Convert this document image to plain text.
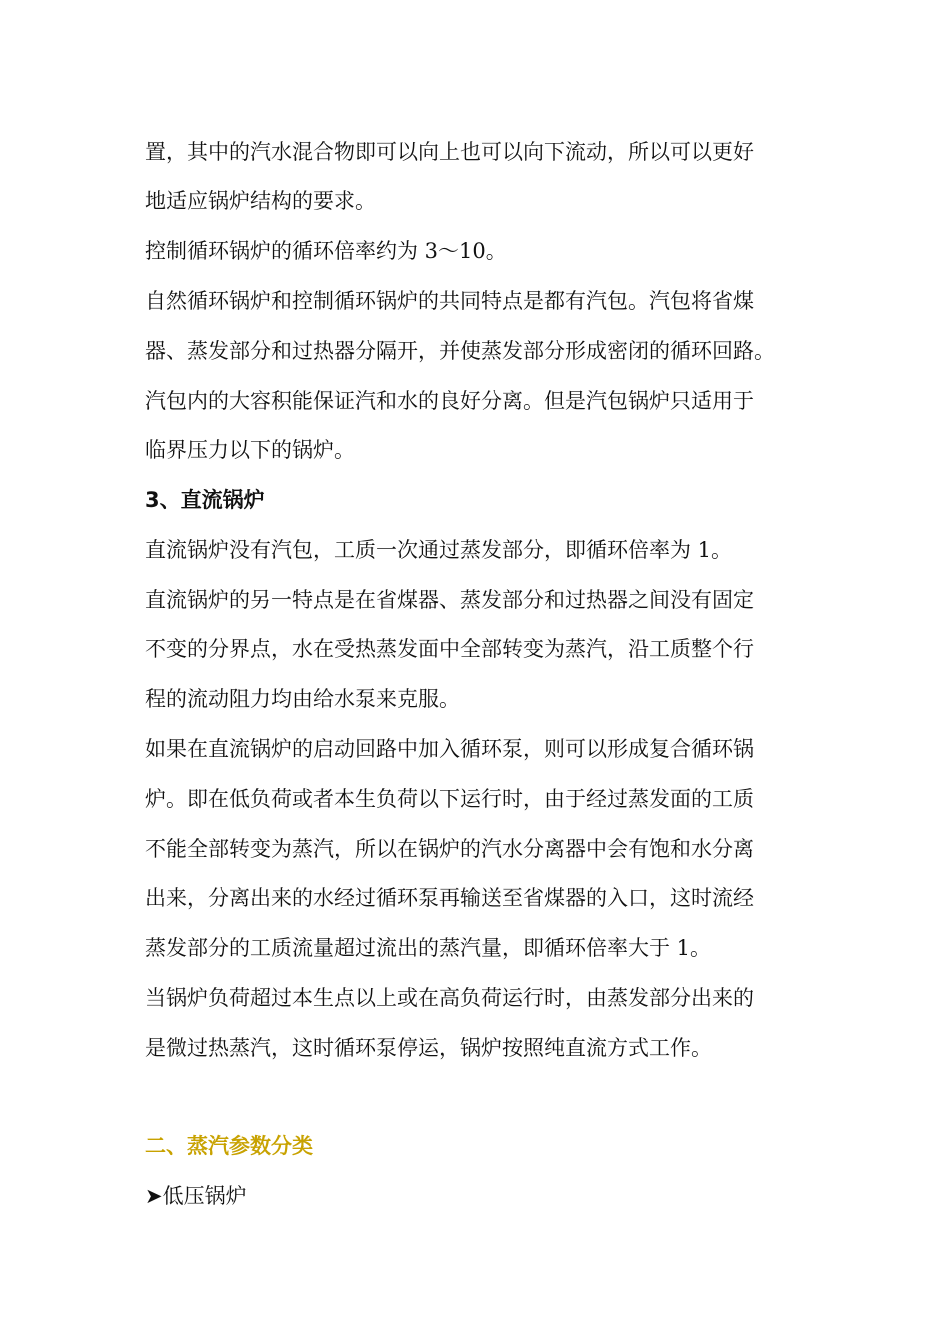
置，其中的汽水混合物即可以向上也可以向下流动，所以可以更好
地适应锅炉结构的要求。
控制循环锅炉的循环倍率约为 3～10。
自然循环锅炉和控制循环锅炉的共同特点是都有汽包。汽包将省煤
器、蒸发部分和过热器分隔开，并使蒸发部分形成密闭的循环回路。
汽包内的大容积能保证汽和水的良好分离。但是汽包锅炉只适用于
临界压力以下的锅炉。
3、直流锅炉
直流锅炉没有汽包，工质一次通过蒸发部分，即循环倍率为 1。
直流锅炉的另一特点是在省煤器、蒸发部分和过热器之间没有固定
不变的分界点，水在受热蒸发面中全部转变为蒸汽，沿工质整个行
程的流动阻力均由给水泵来克服。
如果在直流锅炉的启动回路中加入循环泵，则可以形成复合循环锅
炉。即在低负荷或者本生负荷以下运行时，由于经过蒸发面的工质
不能全部转变为蒸汽，所以在锅炉的汽水分离器中会有饱和水分离
出来，分离出来的水经过循环泵再输送至省煤器的入口，这时流经
蒸发部分的工质流量超过流出的蒸汽量，即循环倍率大于 1。
当锅炉负荷超过本生点以上或在高负荷运行时，由蒸发部分出来的
是微过热蒸汽，这时循环泵停运，锅炉按照纯直流方式工作。
二、蒸汽参数分类
➤低压锅炉
